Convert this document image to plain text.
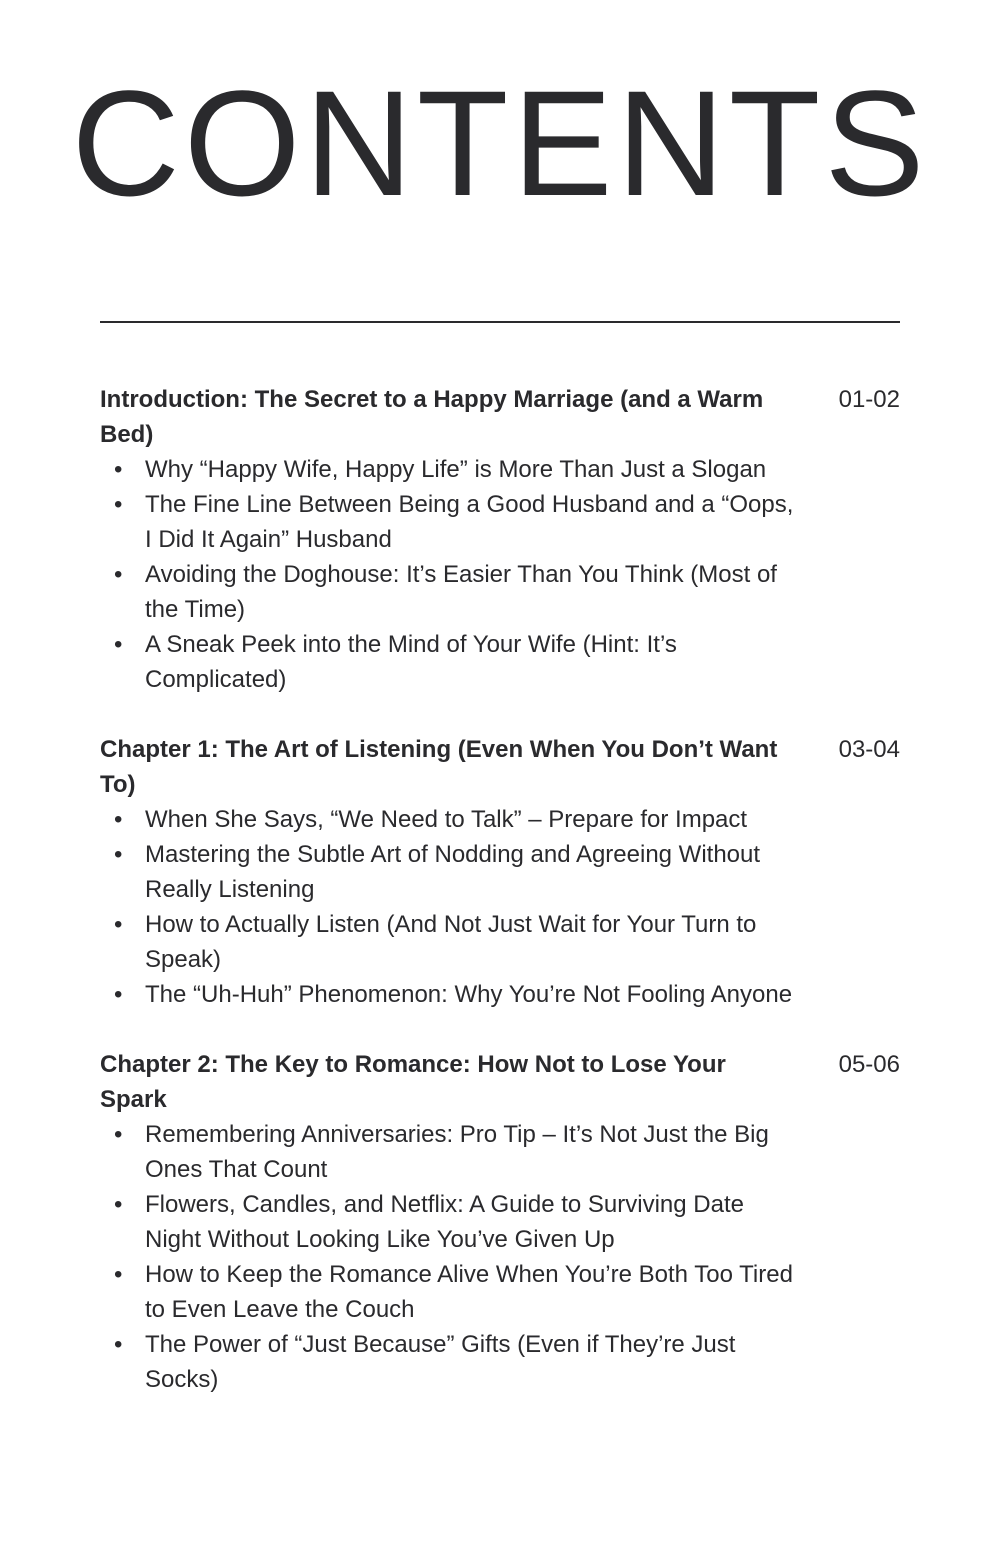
CONTENTS

Introduction: The Secret to a Happy Marriage (and a Warm Bed)

01-02
• Why “Happy Wife, Happy Life” is More Than Just a Slogan
• The Fine Line Between Being a Good Husband and a “Oops, I Did It Again” Husband
• Avoiding the Doghouse: It’s Easier Than You Think (Most of the Time)
• A Sneak Peek into the Mind of Your Wife (Hint: It’s Complicated)

Chapter 1: The Art of Listening (Even When You Don’t Want To)

03-04
• When She Says, “We Need to Talk” – Prepare for Impact
• Mastering the Subtle Art of Nodding and Agreeing Without Really Listening
• How to Actually Listen (And Not Just Wait for Your Turn to Speak)
• The “Uh-Huh” Phenomenon: Why You’re Not Fooling Anyone

Chapter 2: The Key to Romance: How Not to Lose Your Spark

05-06
• Remembering Anniversaries: Pro Tip – It’s Not Just the Big Ones That Count
• Flowers, Candles, and Netflix: A Guide to Surviving Date Night Without Looking Like You’ve Given Up
• How to Keep the Romance Alive When You’re Both Too Tired to Even Leave the Couch
• The Power of “Just Because” Gifts (Even if They’re Just Socks)
